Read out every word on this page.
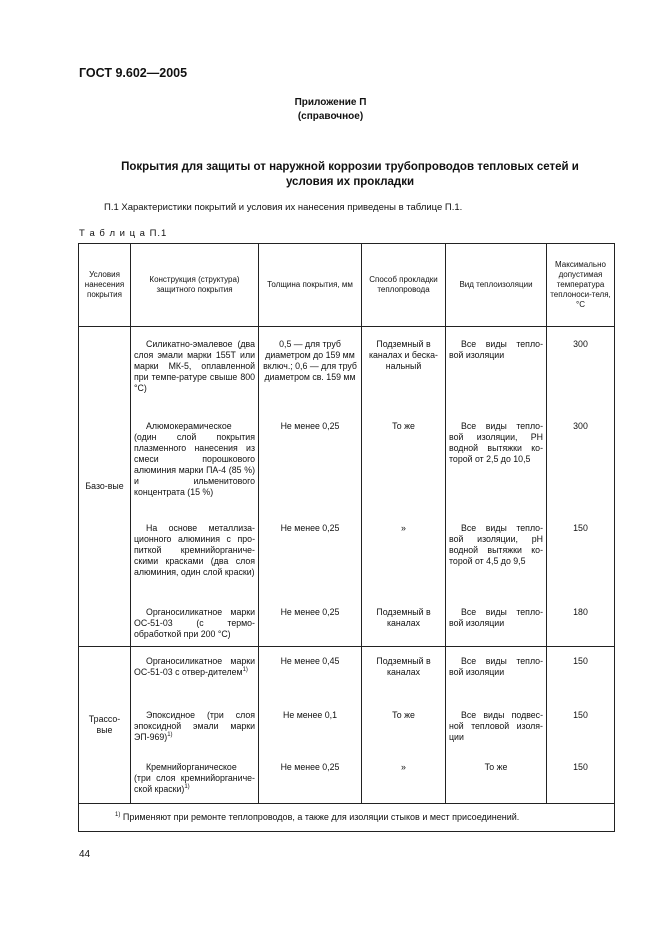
ГОСТ 9.602—2005
Приложение П
(справочное)
Покрытия для защиты от наружной коррозии трубопроводов тепловых сетей и
условия их прокладки
П.1 Характеристики покрытий и условия их нанесения приведены в таблице П.1.
Т а б л и ц а П.1
Условия нанесения покрытия	Конструкция (структура) защитного покрытия	Толщина покрытия, мм	Способ прокладки теплопровода	Вид теплоизоляции	Максимально допустимая температура теплоноси-теля, °С
Базо-вые	Силикатно-эмалевое (два слоя эмали марки 155Т или марки МК-5, оплавленной при темпе-ратуре свыше 800 °С)	0,5 — для труб диаметром до 159 мм включ.; 0,6 — для труб диаметром св. 159 мм	Подземный в каналах и беска-нальный	Все виды тепло-вой изоляции	300
	Алюмокерамическое (один слой покрытия плазменного нанесения из смеси порошкового алюминия марки ПА-4 (85 %) и ильменитового концентрата (15 %)	Не менее 0,25	То же	Все виды тепло-вой изоляции, РН водной вытяжки ко-торой от 2,5 до 10,5	300
	На основе металлиза-ционного алюминия с про-питкой кремнийорганиче-скими красками (два слоя алюминия, один слой краски)	Не менее 0,25	»	Все виды тепло-вой изоляции, рН водной вытяжки ко-торой от 4,5 до 9,5	150
	Органосиликатное марки ОС-51-03 (с термо-обработкой при 200 °С)	Не менее 0,25	Подземный в каналах	Все виды тепло-вой изоляции	180
Трассо-вые	Органосиликатное марки ОС-51-03 с отвер-дителем$^{1)}$	Не менее 0,45	Подземный в каналах	Все виды тепло-вой изоляции	150
	Эпоксидное (три слоя эпоксидной эмали марки ЭП-969)$^{1)}$	Не менее 0,1	То же	Все виды подвес-ной тепловой изоля-ции	150
	Кремнийорганическое (три слоя кремнийорганиче-ской краски)$^{1)}$	Не менее 0,25	»	То же	150
$^{1)}$ Применяют при ремонте теплопроводов, а также для изоляции стыков и мест присоединений.					
44
